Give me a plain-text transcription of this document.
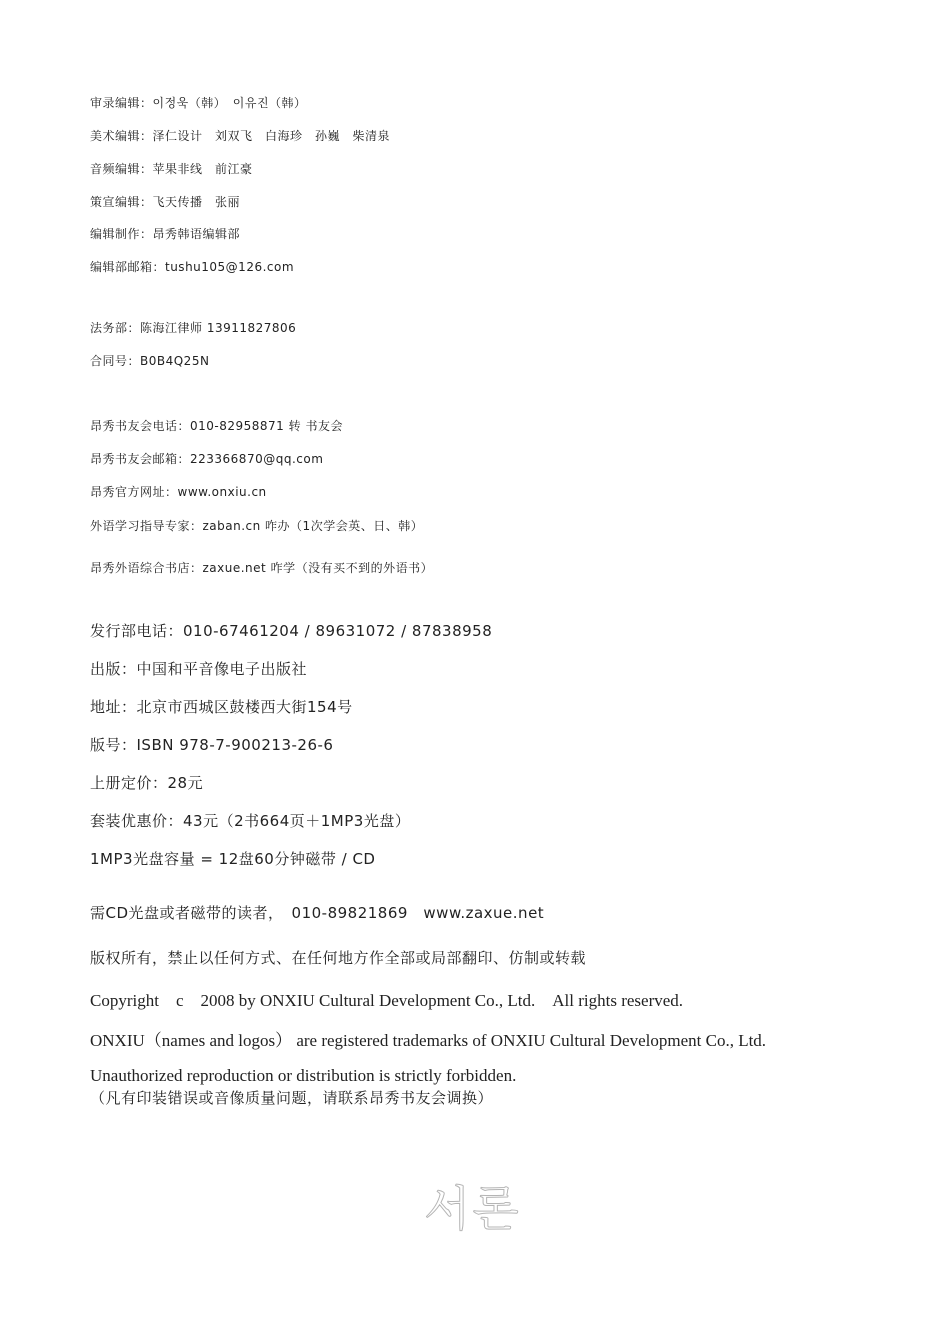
审录编辑：이정욱（韩）　이유진（韩）
美术编辑：泽仁设计　刘双飞　白海珍　孙巍　柴清泉
音频编辑：苹果非线　前江豪
策宣编辑：飞天传播　张丽
编辑制作：昂秀韩语编辑部
编辑部邮箱：tushu105@126.com
法务部：陈海江律师 13911827806
合同号：B0B4Q25N
昂秀书友会电话：010-82958871 转 书友会
昂秀书友会邮箱：223366870@qq.com
昂秀官方网址：www.onxiu.cn
外语学习指导专家：zaban.cn 咋办（1次学会英、日、韩）
昂秀外语综合书店：zaxue.net 咋学（没有买不到的外语书）
发行部电话：010-67461204 / 89631072 / 87838958
出版：中国和平音像电子出版社
地址：北京市西城区鼓楼西大街154号
版号：ISBN 978-7-900213-26-6
上册定价：28元
套装优惠价：43元（2书664页＋1MP3光盘）
1MP3光盘容量 = 12盘60分钟磁带 / CD
需CD光盘或者磁带的读者，　010-89821869　www.zaxue.net
版权所有，禁止以任何方式、在任何地方作全部或局部翻印、仿制或转载
Copyright　c　2008 by ONXIU Cultural Development Co., Ltd.　All rights reserved.
ONXIU（names and logos） are registered trademarks of ONXIU Cultural Development Co., Ltd.
Unauthorized reproduction or distribution is strictly forbidden.
（凡有印装错误或音像质量问题，请联系昂秀书友会调换）
서론
